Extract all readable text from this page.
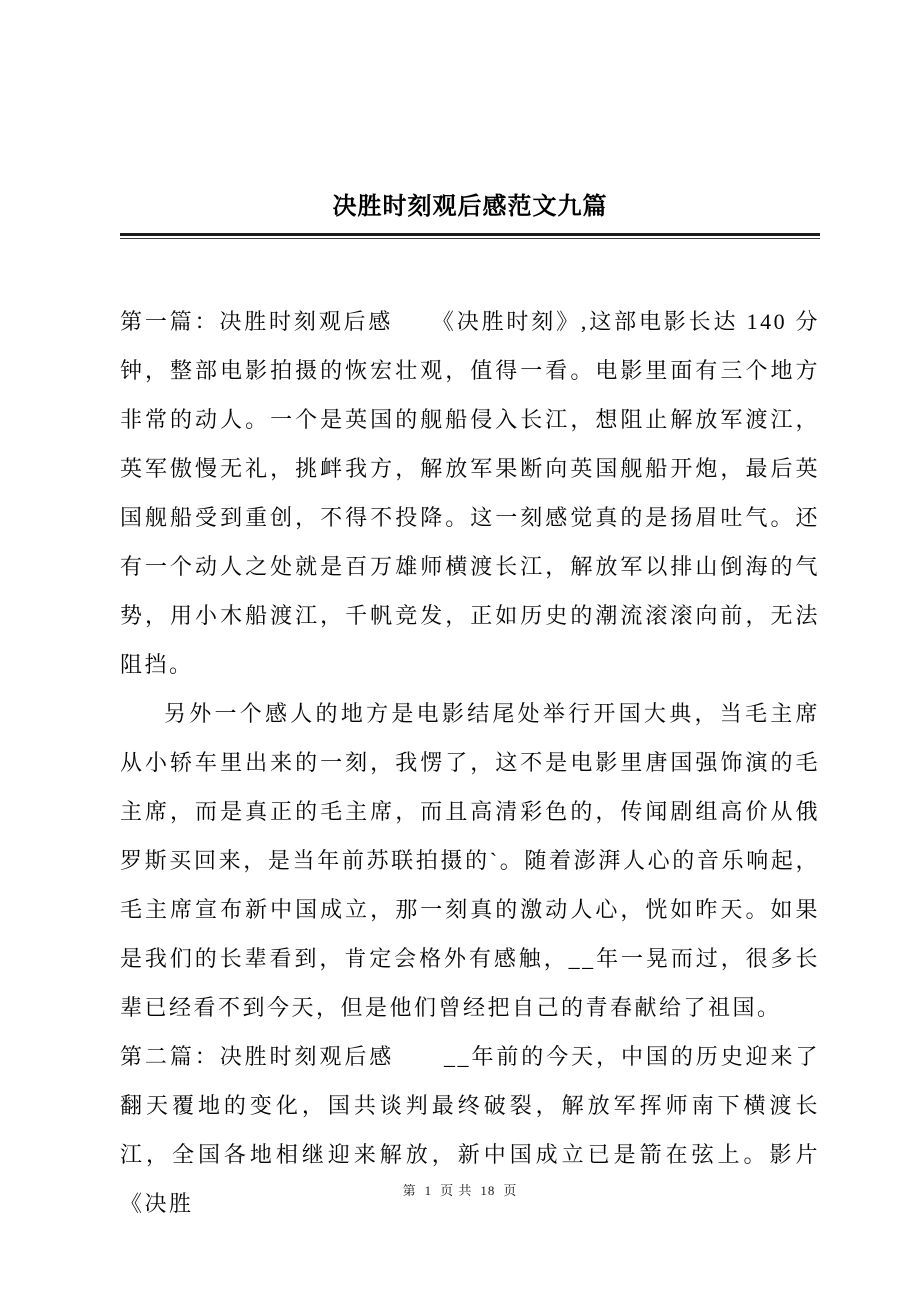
决胜时刻观后感范文九篇

第一篇：决胜时刻观后感　　《决胜时刻》,这部电影长达 140 分钟，整部电影拍摄的恢宏壮观，值得一看。电影里面有三个地方非常的动人。一个是英国的舰船侵入长江，想阻止解放军渡江，英军傲慢无礼，挑衅我方，解放军果断向英国舰船开炮，最后英国舰船受到重创，不得不投降。这一刻感觉真的是扬眉吐气。还有一个动人之处就是百万雄师横渡长江，解放军以排山倒海的气势，用小木船渡江，千帆竞发，正如历史的潮流滚滚向前，无法阻挡。

另外一个感人的地方是电影结尾处举行开国大典，当毛主席从小轿车里出来的一刻，我愣了，这不是电影里唐国强饰演的毛主席，而是真正的毛主席，而且高清彩色的，传闻剧组高价从俄罗斯买回来，是当年前苏联拍摄的`。随着澎湃人心的音乐响起，毛主席宣布新中国成立，那一刻真的激动人心，恍如昨天。如果是我们的长辈看到，肯定会格外有感触，__年一晃而过，很多长辈已经看不到今天，但是他们曾经把自己的青春献给了祖国。

第二篇：决胜时刻观后感　　__年前的今天，中国的历史迎来了翻天覆地的变化，国共谈判最终破裂，解放军挥师南下横渡长江，全国各地相继迎来解放，新中国成立已是箭在弦上。影片《决胜

第 1 页 共 18 页
